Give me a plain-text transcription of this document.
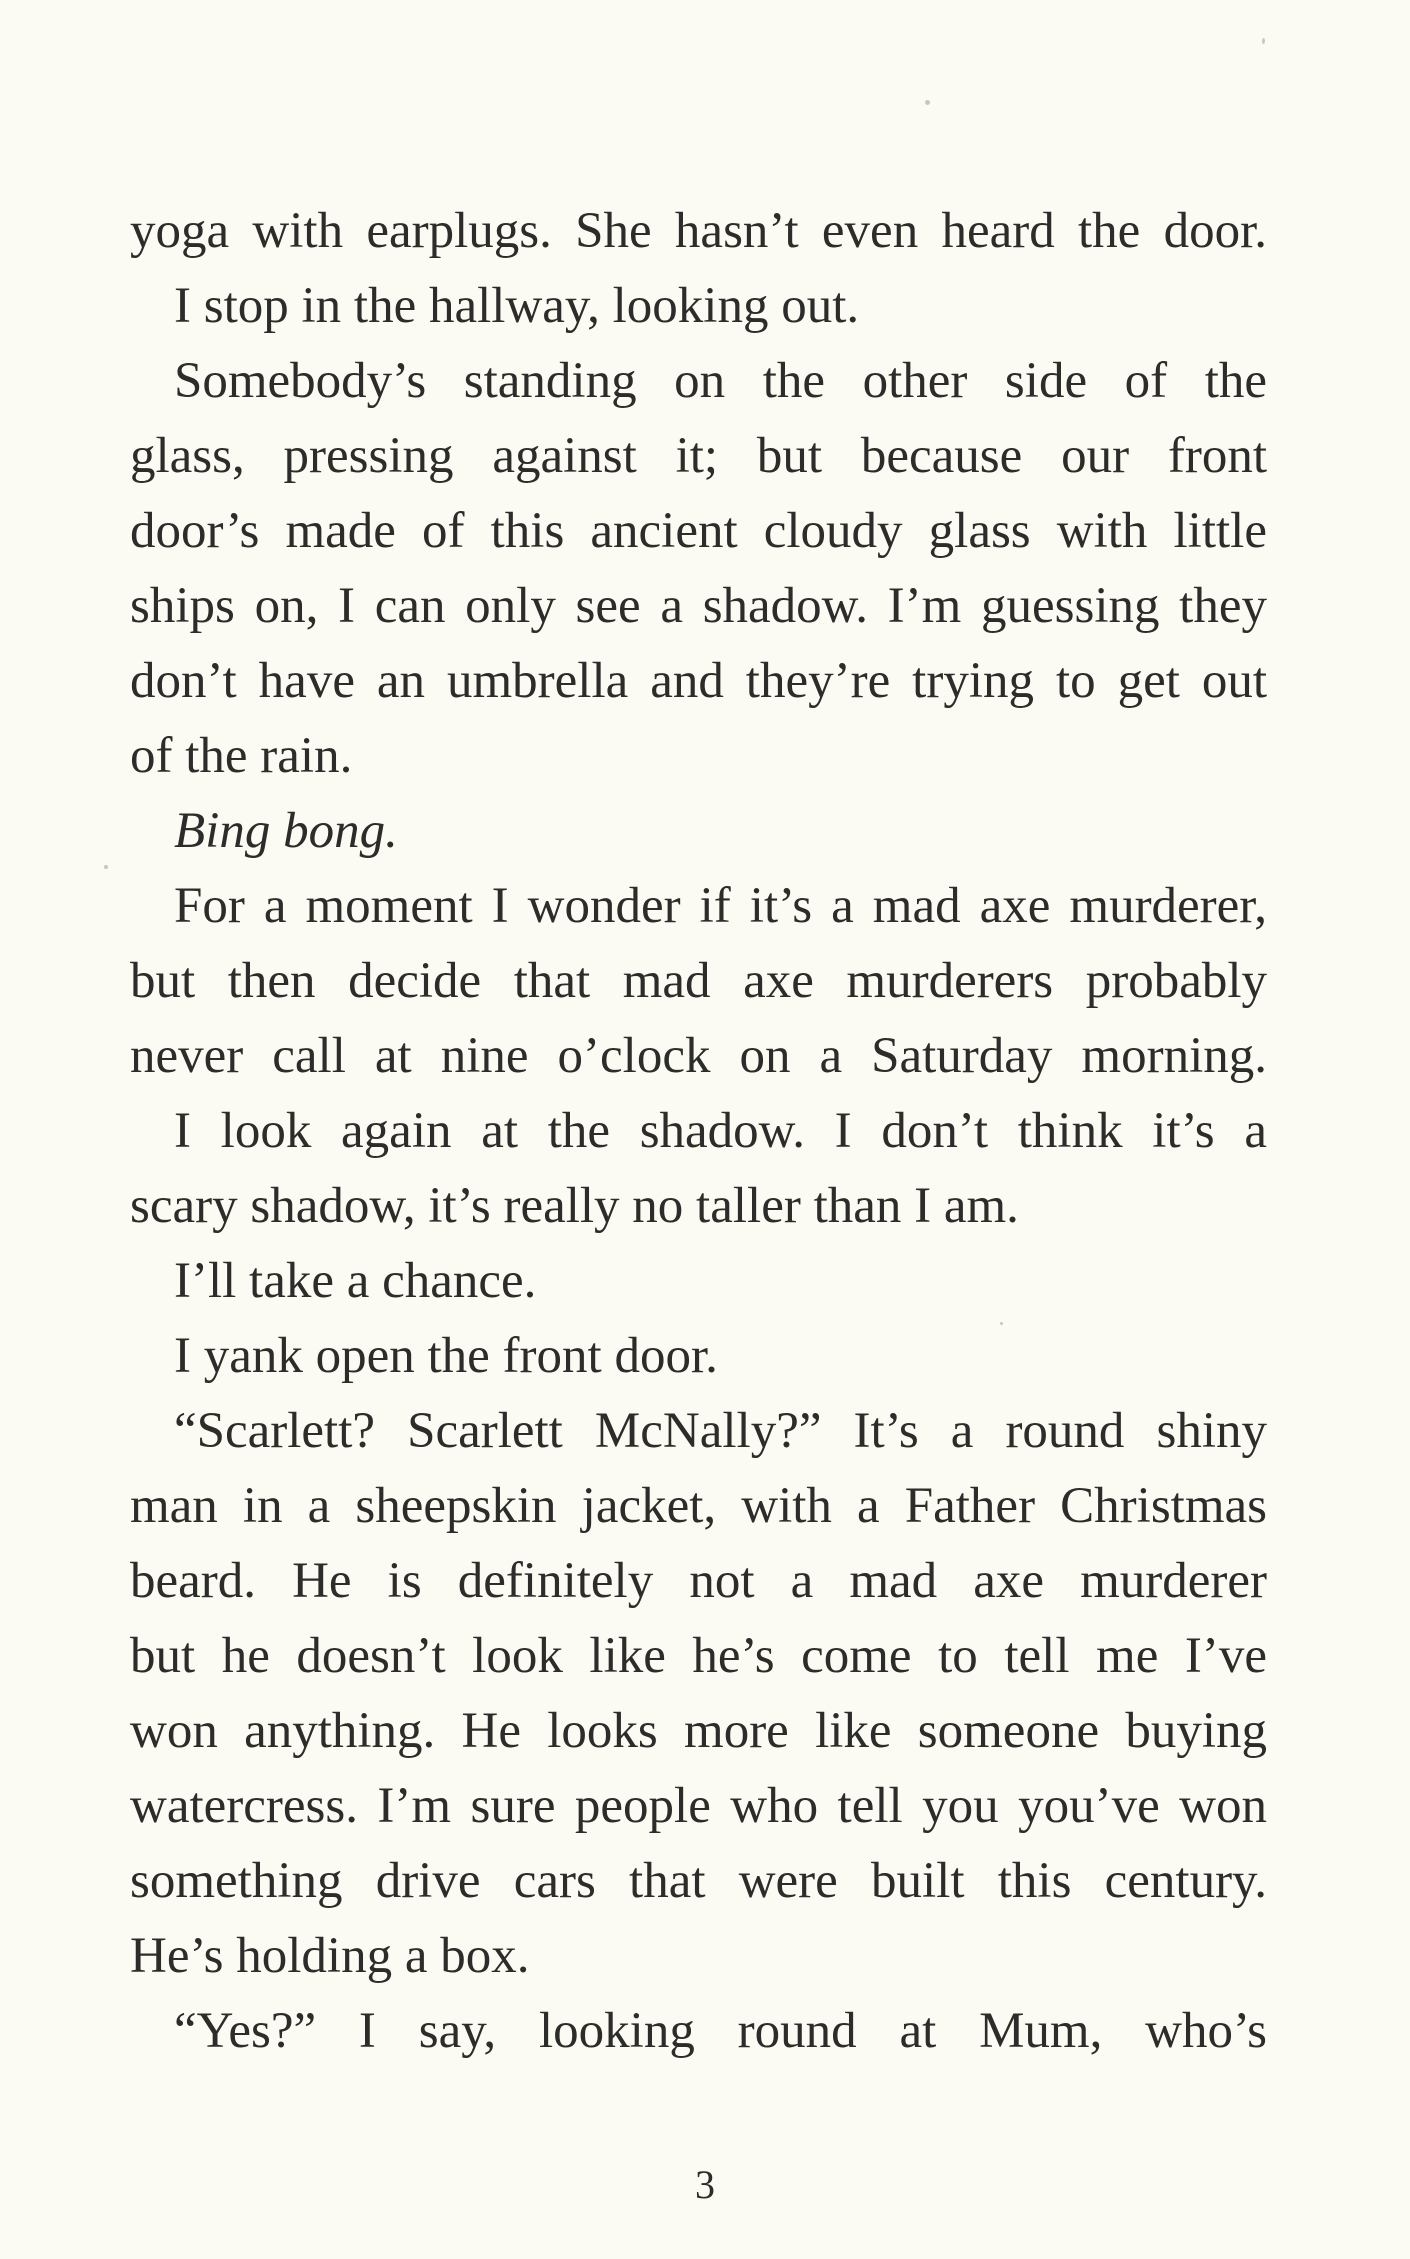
yoga with earplugs. She hasn’t even heard the door.
I stop in the hallway, looking out.
Somebody’s standing on the other side of the
glass, pressing against it; but because our front
door’s made of this ancient cloudy glass with little
ships on, I can only see a shadow. I’m guessing they
don’t have an umbrella and they’re trying to get out
of the rain.
Bing bong.
For a moment I wonder if it’s a mad axe murderer,
but then decide that mad axe murderers probably
never call at nine o’clock on a Saturday morning.
I look again at the shadow. I don’t think it’s a
scary shadow, it’s really no taller than I am.
I’ll take a chance.
I yank open the front door.
“Scarlett? Scarlett McNally?” It’s a round shiny
man in a sheepskin jacket, with a Father Christmas
beard. He is definitely not a mad axe murderer
but he doesn’t look like he’s come to tell me I’ve
won anything. He looks more like someone buying
watercress. I’m sure people who tell you you’ve won
something drive cars that were built this century.
He’s holding a box.
“Yes?” I say, looking round at Mum, who’s
3
